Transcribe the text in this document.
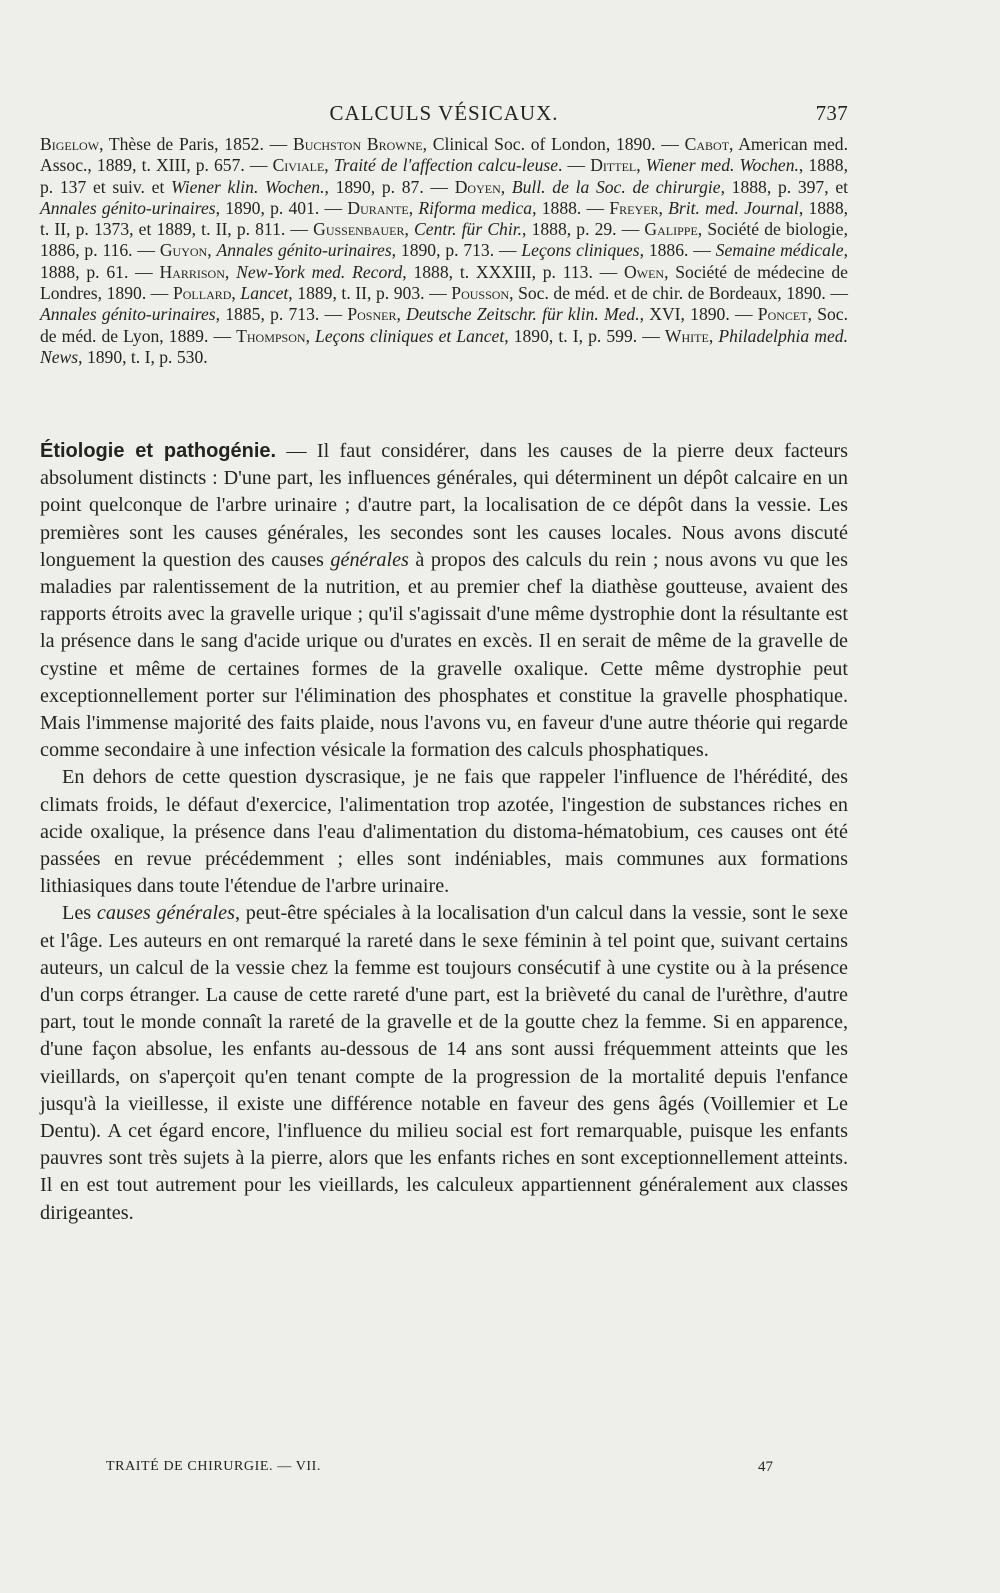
CALCULS VÉSICAUX.	737
Bigelow, Thèse de Paris, 1852. — Buchston Browne, Clinical Soc. of London, 1890. — Cabot, American med. Assoc., 1889, t. XIII, p. 657. — Civiale, Traité de l'affection calcu-leuse. — Dittel, Wiener med. Wochen., 1888, p. 137 et suiv. et Wiener klin. Wochen., 1890, p. 87. — Doyen, Bull. de la Soc. de chirurgie, 1888, p. 397, et Annales génito-urinaires, 1890, p. 401. — Durante, Riforma medica, 1888. — Freyer, Brit. med. Journal, 1888, t. II, p. 1373, et 1889, t. II, p. 811. — Gussenbauer, Centr. für Chir., 1888, p. 29. — Galippe, Société de biologie, 1886, p. 116. — Guyon, Annales génito-urinaires, 1890, p. 713. — Leçons cliniques, 1886. — Semaine médicale, 1888, p. 61. — Harrison, New-York med. Record, 1888, t. XXXIII, p. 113. — Owen, Société de médecine de Londres, 1890. — Pollard, Lancet, 1889, t. II, p. 903. — Pousson, Soc. de méd. et de chir. de Bordeaux, 1890. — Annales génito-urinaires, 1885, p. 713. — Posner, Deutsche Zeitschr. für klin. Med., XVI, 1890. — Poncet, Soc. de méd. de Lyon, 1889. — Thompson, Leçons cliniques et Lancet, 1890, t. I, p. 599. — White, Philadelphia med. News, 1890, t. I, p. 530.

Étiologie et pathogénie. — Il faut considérer, dans les causes de la pierre deux facteurs absolument distincts : D'une part, les influences générales, qui déterminent un dépôt calcaire en un point quelconque de l'arbre urinaire ; d'autre part, la localisation de ce dépôt dans la vessie. Les premières sont les causes générales, les secondes sont les causes locales. Nous avons discuté longuement la question des causes générales à propos des calculs du rein ; nous avons vu que les maladies par ralentissement de la nutrition, et au premier chef la diathèse goutteuse, avaient des rapports étroits avec la gravelle urique ; qu'il s'agissait d'une même dystrophie dont la résultante est la présence dans le sang d'acide urique ou d'urates en excès. Il en serait de même de la gravelle de cystine et même de certaines formes de la gravelle oxalique. Cette même dystrophie peut exceptionnellement porter sur l'élimination des phosphates et constitue la gravelle phosphatique. Mais l'immense majorité des faits plaide, nous l'avons vu, en faveur d'une autre théorie qui regarde comme secondaire à une infection vésicale la formation des calculs phosphatiques.

En dehors de cette question dyscrasique, je ne fais que rappeler l'influence de l'hérédité, des climats froids, le défaut d'exercice, l'alimentation trop azotée, l'ingestion de substances riches en acide oxalique, la présence dans l'eau d'alimentation du distoma-hématobium, ces causes ont été passées en revue précédemment ; elles sont indéniables, mais communes aux formations lithiasiques dans toute l'étendue de l'arbre urinaire.

Les causes générales, peut-être spéciales à la localisation d'un calcul dans la vessie, sont le sexe et l'âge. Les auteurs en ont remarqué la rareté dans le sexe féminin à tel point que, suivant certains auteurs, un calcul de la vessie chez la femme est toujours consécutif à une cystite ou à la présence d'un corps étranger. La cause de cette rareté d'une part, est la brièveté du canal de l'urèthre, d'autre part, tout le monde connaît la rareté de la gravelle et de la goutte chez la femme. Si en apparence, d'une façon absolue, les enfants au-dessous de 14 ans sont aussi fréquemment atteints que les vieillards, on s'aperçoit qu'en tenant compte de la progression de la mortalité depuis l'enfance jusqu'à la vieillesse, il existe une différence notable en faveur des gens âgés (Voillemier et Le Dentu). A cet égard encore, l'influence du milieu social est fort remarquable, puisque les enfants pauvres sont très sujets à la pierre, alors que les enfants riches en sont exceptionnellement atteints. Il en est tout autrement pour les vieillards, les calculeux appartiennent généralement aux classes dirigeantes.

TRAITÉ DE CHIRURGIE. — VII.	47
